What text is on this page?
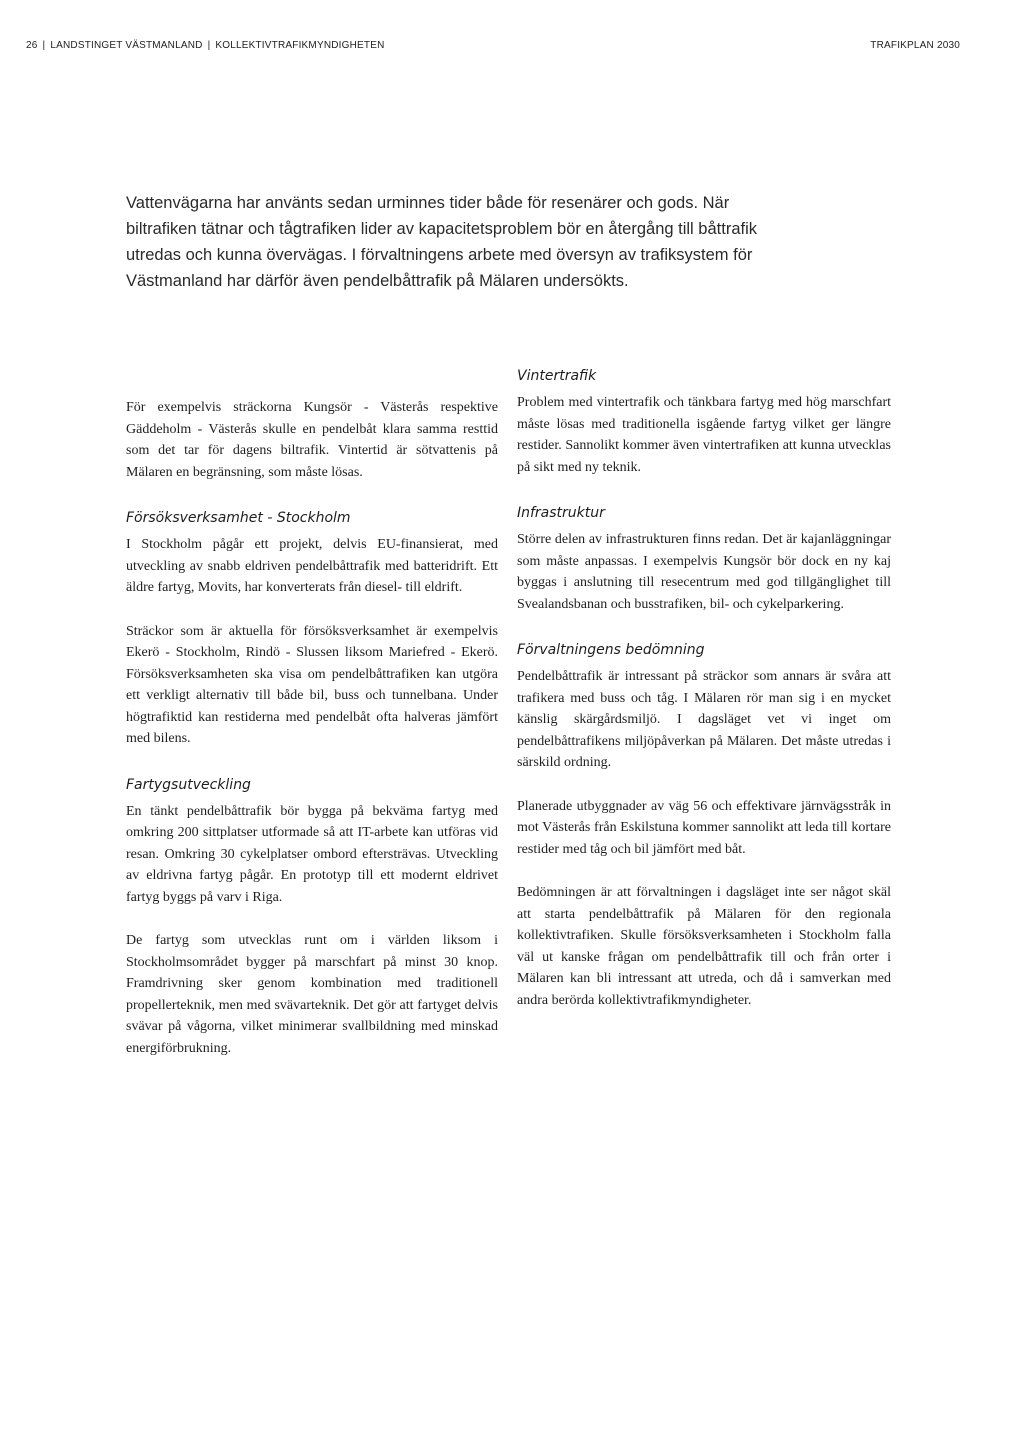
26 | LANDSTINGET VÄSTMANLAND | KOLLEKTIVTRAFIKMYNDIGHETEN	TRAFIKPLAN 2030

Vattenvägarna har använts sedan urminnes tider både för resenärer och gods. När biltrafiken tätnar och tågtrafiken lider av kapacitetsproblem bör en återgång till båttrafik utredas och kunna övervägas. I förvaltningens arbete med översyn av trafiksystem för Västmanland har därför även pendelbåttrafik på Mälaren undersökts.

För exempelvis sträckorna Kungsör - Västerås respektive Gäddeholm - Västerås skulle en pendelbåt klara samma resttid som det tar för dagens biltrafik. Vintertid är sötvattenis på Mälaren en begränsning, som måste lösas.

Försöksverksamhet - Stockholm

I Stockholm pågår ett projekt, delvis EU-finansierat, med utveckling av snabb eldriven pendelbåttrafik med batteridrift. Ett äldre fartyg, Movits, har konverterats från diesel- till eldrift.

Sträckor som är aktuella för försöksverksamhet är exempelvis Ekerö - Stockholm, Rindö - Slussen liksom Mariefred - Ekerö. Försöksverksamheten ska visa om pendelbåttrafiken kan utgöra ett verkligt alternativ till både bil, buss och tunnelbana. Under högtrafiktid kan restiderna med pendelbåt ofta halveras jämfört med bilens.

Fartygsutveckling

En tänkt pendelbåttrafik bör bygga på bekväma fartyg med omkring 200 sittplatser utformade så att IT-arbete kan utföras vid resan. Omkring 30 cykelplatser ombord eftersträvas. Utveckling av eldrivna fartyg pågår. En prototyp till ett modernt eldrivet fartyg byggs på varv i Riga.

De fartyg som utvecklas runt om i världen liksom i Stockholmsområdet bygger på marschfart på minst 30 knop. Framdrivning sker genom kombination med traditionell propellerteknik, men med svävarteknik. Det gör att fartyget delvis svävar på vågorna, vilket minimerar svallbildning med minskad energiförbrukning.

Vintertrafik

Problem med vintertrafik och tänkbara fartyg med hög marschfart måste lösas med traditionella isgående fartyg vilket ger längre restider. Sannolikt kommer även vintertrafiken att kunna utvecklas på sikt med ny teknik.

Infrastruktur

Större delen av infrastrukturen finns redan. Det är kajanläggningar som måste anpassas. I exempelvis Kungsör bör dock en ny kaj byggas i anslutning till resecentrum med god tillgänglighet till Svealandsbanan och busstrafiken, bil- och cykelparkering.

Förvaltningens bedömning

Pendelbåttrafik är intressant på sträckor som annars är svåra att trafikera med buss och tåg. I Mälaren rör man sig i en mycket känslig skärgårdsmiljö. I dagsläget vet vi inget om pendelbåttrafikens miljöpåverkan på Mälaren. Det måste utredas i särskild ordning.

Planerade utbyggnader av väg 56 och effektivare järnvägsstråk in mot Västerås från Eskilstuna kommer sannolikt att leda till kortare restider med tåg och bil jämfört med båt.

Bedömningen är att förvaltningen i dagsläget inte ser något skäl att starta pendelbåttrafik på Mälaren för den regionala kollektivtrafiken. Skulle försöksverksamheten i Stockholm falla väl ut kanske frågan om pendelbåttrafik till och från orter i Mälaren kan bli intressant att utreda, och då i samverkan med andra berörda kollektivtrafikmyndigheter.
